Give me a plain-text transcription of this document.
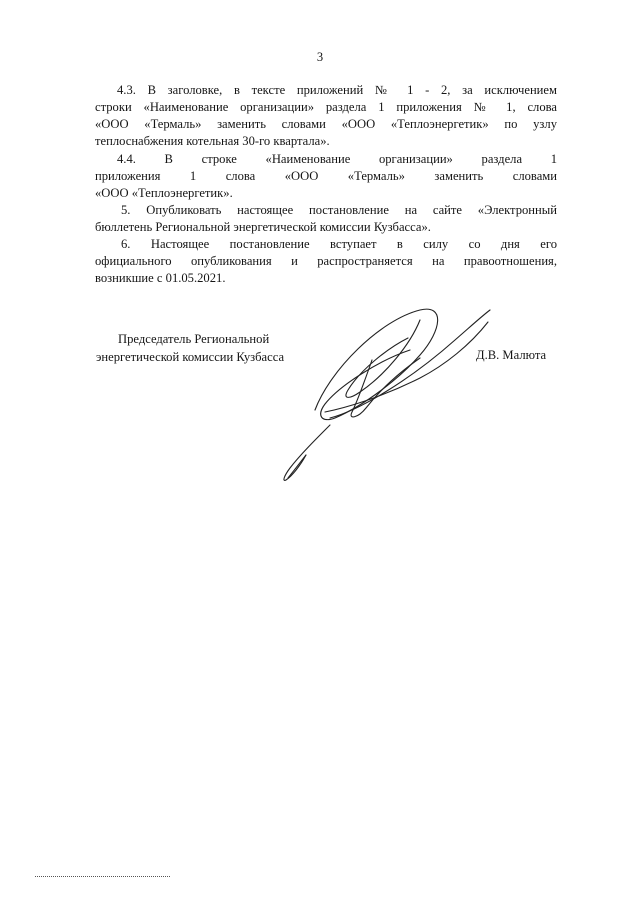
3
4.3. В заголовке, в тексте приложений № 1 - 2, за исключением
строки «Наименование организации» раздела 1 приложения № 1, слова
«ООО «Термаль» заменить словами «ООО «Теплоэнергетик» по узлу
теплоснабжения котельная 30-го квартала».
4.4. В строке «Наименование организации» раздела 1
приложения 1 слова «ООО «Термаль» заменить словами
«ООО «Теплоэнергетик».
5. Опубликовать настоящее постановление на сайте «Электронный
бюллетень Региональной энергетической комиссии Кузбасса».
6. Настоящее постановление вступает в силу со дня его
официального опубликования и распространяется на правоотношения,
возникшие с 01.05.2021.
Председатель Региональной
энергетической комиссии Кузбасса	Д.В. Малюта
